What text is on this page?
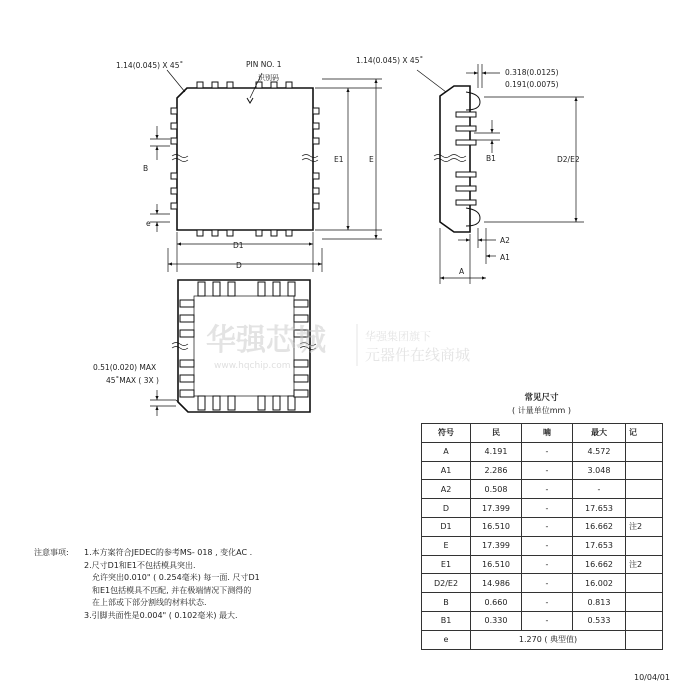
1.14(0.045) X 45˚	PIN NO. 1
识别码
B
e
D1
D
E1	E
1.14(0.045) X 45˚
0.318(0.0125)
0.191(0.0075)
B1	D2/E2
A2
A1
A
0.51(0.020) MAX
45˚MAX ( 3X )
华强芯城
www.hqchip.com
华强集团旗下
元器件在线商城
常见尺寸
( 计量单位mm )
符号	民	喃	最大	记
A	4.191	-	4.572	
A1	2.286	-	3.048	
A2	0.508	-	-	
D	17.399	-	17.653	
D1	16.510	-	16.662	注2
E	17.399	-	17.653	
E1	16.510	-	16.662	注2
D2/E2	14.986	-	16.002	
B	0.660	-	0.813	
B1	0.330	-	0.533	
e	1.270 ( 典型值)			
注意事项: 1.本方案符合JEDEC的参考MS- 018 , 变化AC .
2.尺寸D1和E1不包括模具突出.
允许突出0.010" ( 0.254毫米) 每一面. 尺寸D1
和E1包括模具不匹配, 并在极端情况下测得的
在上部或下部分割线的材料状态.
3.引脚共面性是0.004" ( 0.102毫米) 最大.
10/04/01
